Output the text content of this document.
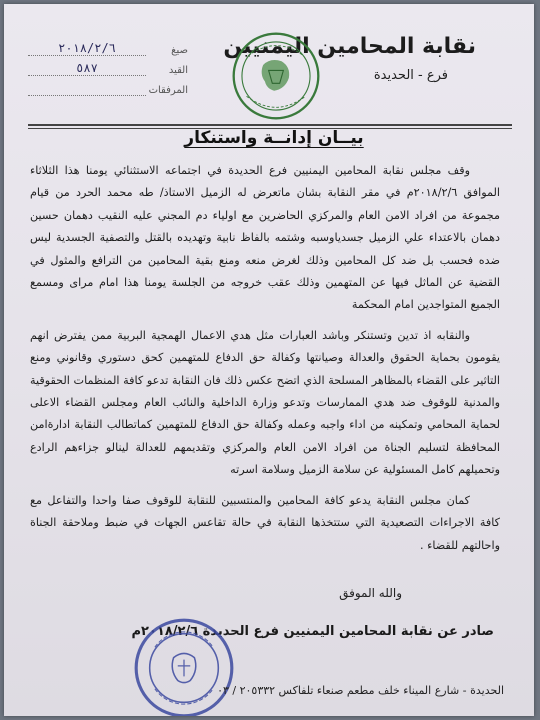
نقابة المحامين اليمنيين
فرع - الحديدة
صيغ
٢٠١٨/٢/٦
القيد
٥٨٧
المرفقات
بيــان إدانــة واستنكار

وقف مجلس نقابة المحامين اليمنيين فرع الحديدة في اجتماعه الاستثنائي يومنا هذا الثلاثاء الموافق ٢٠١٨/٢/٦م في مقر النقابة بشان ماتعرض له الزميل الاستاذ/ طه محمد الحرد من قيام مجموعة من افراد الامن العام والمركزي الحاضرين مع اولياء دم المجني عليه النقيب دهمان حسين دهمان بالاعتداء علي الزميل جسدياوسبه وشتمه بالفاظ نابية وتهديده بالقتل والتصفية الجسدية ليس ضده فحسب بل ضد كل المحامين وذلك لغرض منعه ومنع بقية المحامين من الترافع والمثول في القضية عن الماثل فيها عن المتهمين وذلك عقب خروجه من الجلسة يومنا هذا امام مراى ومسمع الجميع المتواجدين امام المحكمة

والنقابه اذ تدين وتستنكر وباشد العبارات مثل هدي الاعمال الهمجية البربية ممن يفترض انهم يقومون بحماية الحقوق والعدالة وصيانتها وكفالة حق الدفاع للمتهمين كحق دستوري وقانوني ومنع التاثير على القضاء بالمظاهر المسلحة الذي اتضح عكس ذلك فان النقابة تدعو كافة المنظمات الحقوقية والمدنية للوقوف ضد هدي الممارسات وتدعو وزارة الداخلية والنائب العام ومجلس القضاء الاعلى لحماية المحامي وتمكينه من اداء واجبه وعمله وكفالة حق الدفاع للمتهمين كماتطالب النقابة ادارةامن المحافظة لتسليم الجناة من افراد الامن العام والمركزي وتقديمهم للعدالة لينالو جزاءهم الرادع وتحميلهم كامل المسئولية عن سلامة الزميل وسلامة اسرته

كمان مجلس النقابة يدعو كافة المحامين والمنتسبين للنقابة للوقوف صفا واحدا والتفاعل مع كافة الاجراءات التصعيدية التي ستتخذها النقابة في حالة تقاعس الجهات في ضبط وملاحقة الجناة واحالتهم للقضاء .

والله الموفق
صادر عن نقابة المحامين اليمنيين فرع الحديدة ٢٠١٨/٢/٦م
الحديدة - شارع الميناء خلف مطعم صنعاء تلفاكس ٢٠٥٣٣٢ / ٠٣
